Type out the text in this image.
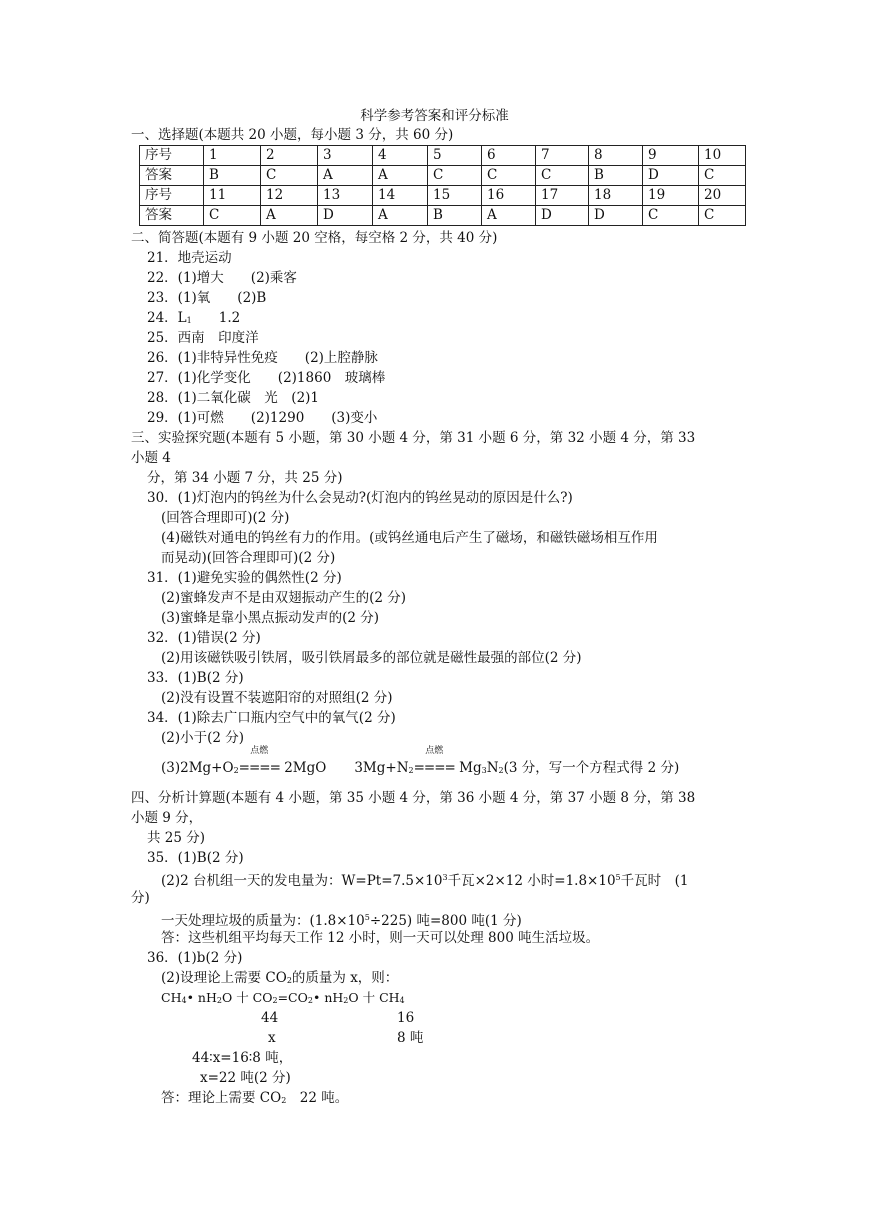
科学参考答案和评分标准
一、选择题(本题共 20 小题，每小题 3 分，共 60 分)
序号	1	2	3	4	5	6	7	8	9	10
答案	B	C	A	A	C	C	C	B	D	C
序号	11	12	13	14	15	16	17	18	19	20
答案	C	A	D	A	B	A	D	D	C	C
二、简答题(本题有 9 小题 20 空格，每空格 2 分，共 40 分)
21．地壳运动
22．(1)增大　　(2)乘客
23．(1)氧　　(2)B
24．$L_1$　　1.2
25．西南　印度洋
26．(1)非特异性免疫　　(2)上腔静脉
27．(1)化学变化　　(2)1860　玻璃棒
28．(1)二氧化碳　光　(2)1
29．(1)可燃　　(2)1290　　(3)变小
三、实验探究题(本题有 5 小题，第 30 小题 4 分，第 31 小题 6 分，第 32 小题 4 分，第 33
小题 4
分，第 34 小题 7 分，共 25 分)
30．(1)灯泡内的钨丝为什么会晃动?(灯泡内的钨丝晃动的原因是什么?)
(回答合理即可)(2 分)
(4)磁铁对通电的钨丝有力的作用。(或钨丝通电后产生了磁场，和磁铁磁场相互作用
而晃动)(回答合理即可)(2 分)
31．(1)避免实验的偶然性(2 分)
(2)蜜蜂发声不是由双翅振动产生的(2 分)
(3)蜜蜂是靠小黑点振动发声的(2 分)
32．(1)错误(2 分)
(2)用该磁铁吸引铁屑，吸引铁屑最多的部位就是磁性最强的部位(2 分)
33．(1)B(2 分)
(2)没有设置不装遮阳帘的对照组(2 分)
34．(1)除去广口瓶内空气中的氧气(2 分)
(2)小于(2 分)
$(3)2Mg+O_2$
点燃
==== 2MgO $3Mg+N_2$
点燃
==== $Mg_3N_2(3$ 分，写一个方程式得 2 分)
四、分析计算题(本题有 4 小题，第 35 小题 4 分，第 36 小题 4 分，第 37 小题 8 分，第 38
小题 9 分，
共 25 分)
35．(1)B(2 分)
(2)2 台机组一天的发电量为：$W=Pt=7.5\times 10^3$千瓦×2×12 小时$=1.8\times 10^5$千瓦时　(1
分)
一天处理垃圾的质量为：$(1.8\times 10^5\div 225)$ 吨=800 吨(1 分)
答：这些机组平均每天工作 12 小时，则一天可以处理 800 吨生活垃圾。
36．(1)b(2 分)
(2)设理论上需要 $CO_2$的质量为 x，则：
$CH_4•$ $nH_2O$ 十 $CO_2=CO_2•$ $nH_2O$ 十 $CH_4$
44	16
x	8 吨
44∶x=16∶8 吨，
x=22 吨(2 分)
答：理论上需要 $CO_2$　22 吨。
